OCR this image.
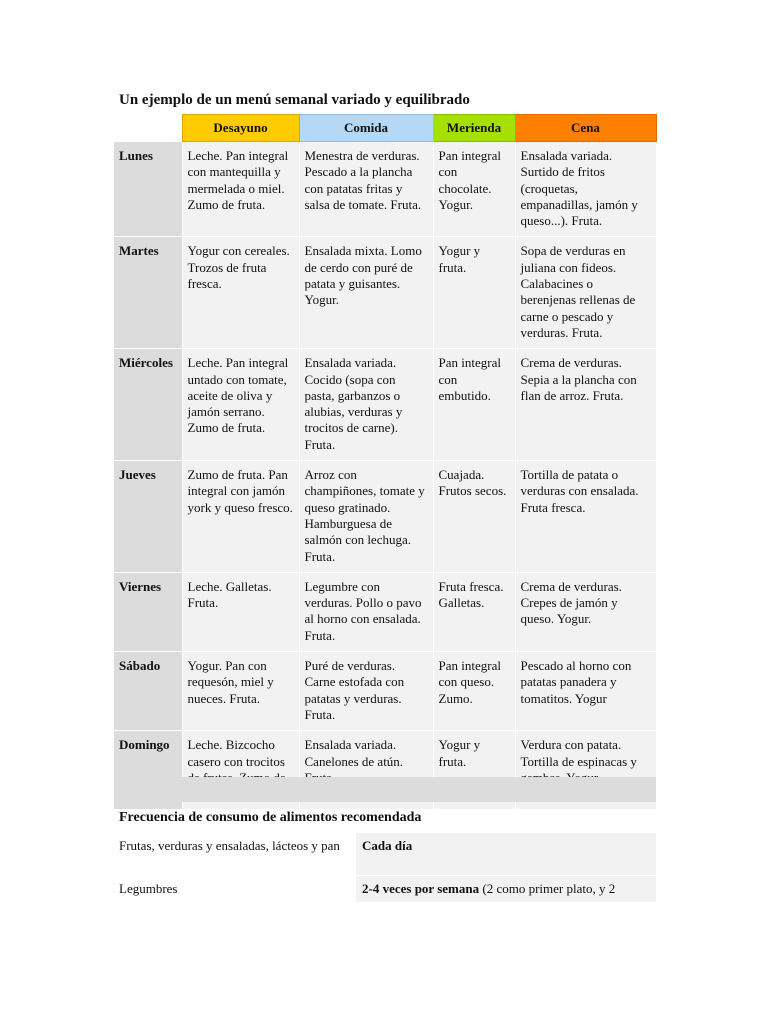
Un ejemplo de un menú semanal variado y equilibrado
	Desayuno	Comida	Merienda	Cena
Lunes	Leche. Pan integral con mantequilla y mermelada o miel. Zumo de fruta.	Menestra de verduras. Pescado a la plancha con patatas fritas y salsa de tomate. Fruta.	Pan integral con chocolate. Yogur.	Ensalada variada. Surtido de fritos (croquetas, empanadillas, jamón y queso...). Fruta.
Martes	Yogur con cereales. Trozos de fruta fresca.	Ensalada mixta. Lomo de cerdo con puré de patata y guisantes. Yogur.	Yogur y fruta.	Sopa de verduras en juliana con fideos. Calabacines o berenjenas rellenas de carne o pescado y verduras. Fruta.
Miércoles	Leche. Pan integral untado con tomate, aceite de oliva y jamón serrano. Zumo de fruta.	Ensalada variada. Cocido (sopa con pasta, garbanzos o alubias, verduras y trocitos de carne). Fruta.	Pan integral con embutido.	Crema de verduras. Sepia a la plancha con flan de arroz. Fruta.
Jueves	Zumo de fruta. Pan integral con jamón york y queso fresco.	Arroz con champiñones, tomate y queso gratinado. Hamburguesa de salmón con lechuga. Fruta.	Cuajada. Frutos secos.	Tortilla de patata o verduras con ensalada. Fruta fresca.
Viernes	Leche. Galletas. Fruta.	Legumbre con verduras. Pollo o pavo al horno con ensalada. Fruta.	Fruta fresca. Galletas.	Crema de verduras. Crepes de jamón y queso. Yogur.
Sábado	Yogur. Pan con requesón, miel y nueces. Fruta.	Puré de verduras. Carne estofada con patatas y verduras. Fruta.	Pan integral con queso. Zumo.	Pescado al horno con patatas panadera y tomatitos. Yogur
Domingo	Leche. Bizcocho casero con trocitos	Ensalada variada. Canelones de atún.	Yogur y fruta.	Verdura con patata. Tortilla de espinacas y
Frecuencia de consumo de alimentos recomendada
Frutas, verduras y ensaladas, lácteos y pan	Cada día
Legumbres	2-4 veces por semana (2 como primer plato, y 2
